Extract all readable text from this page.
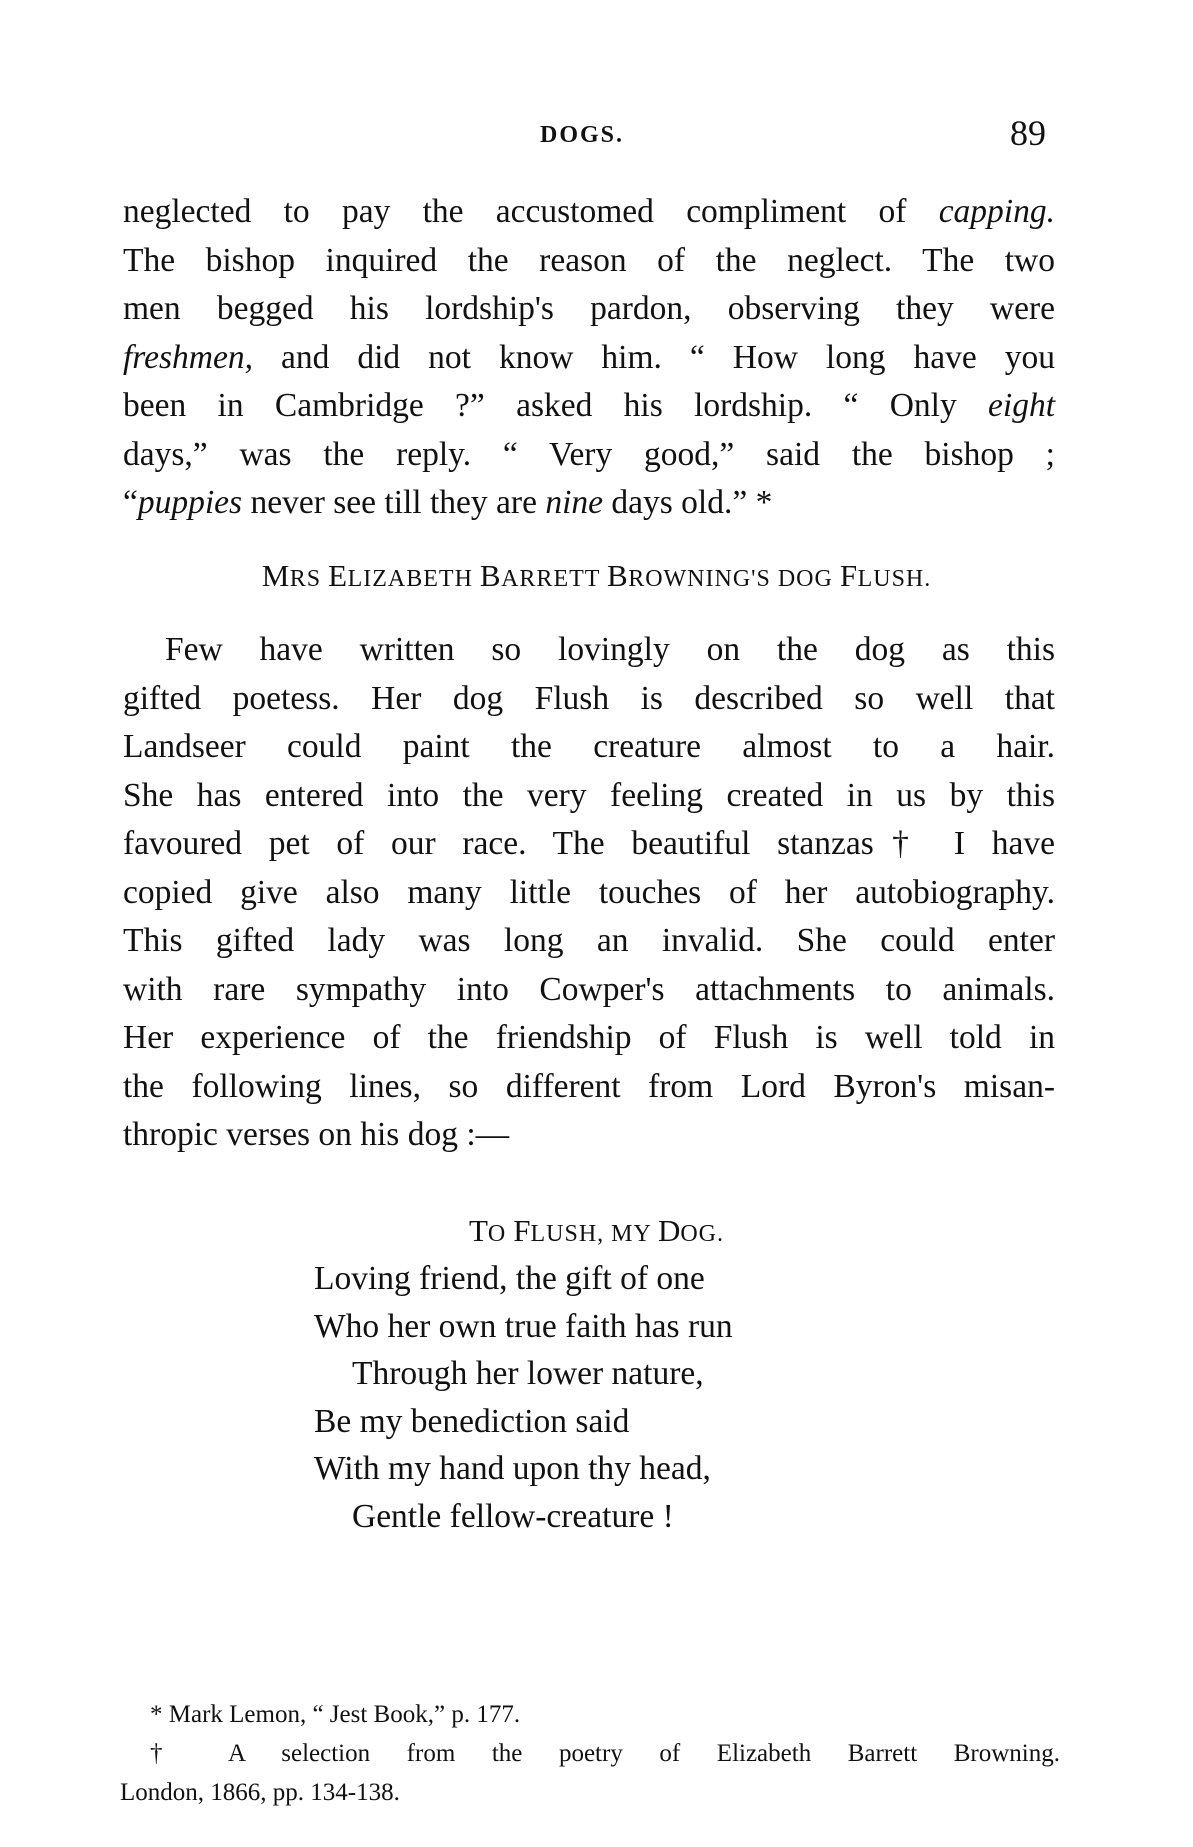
DOGS.	89
neglected to pay the accustomed compliment of capping.
The bishop inquired the reason of the neglect. The two
men begged his lordship's pardon, observing they were
freshmen, and did not know him. “ How long have you
been in Cambridge ?” asked his lordship. “ Only eight
days,” was the reply. “ Very good,” said the bishop ;
“puppies never see till they are nine days old.” *
MRS ELIZABETH BARRETT BROWNING'S DOG FLUSH.
Few have written so lovingly on the dog as this
gifted poetess. Her dog Flush is described so well that
Landseer could paint the creature almost to a hair.
She has entered into the very feeling created in us by this
favoured pet of our race. The beautiful stanzas† I have
copied give also many little touches of her autobiography.
This gifted lady was long an invalid. She could enter
with rare sympathy into Cowper's attachments to animals.
Her experience of the friendship of Flush is well told in
the following lines, so different from Lord Byron's misan-
thropic verses on his dog :—
TO FLUSH, MY DOG.
Loving friend, the gift of one
Who her own true faith has run
Through her lower nature,
Be my benediction said
With my hand upon thy head,
Gentle fellow-creature !
* Mark Lemon, “ Jest Book,” p. 177.
† A selection from the poetry of Elizabeth Barrett Browning.
London, 1866, pp. 134-138.
